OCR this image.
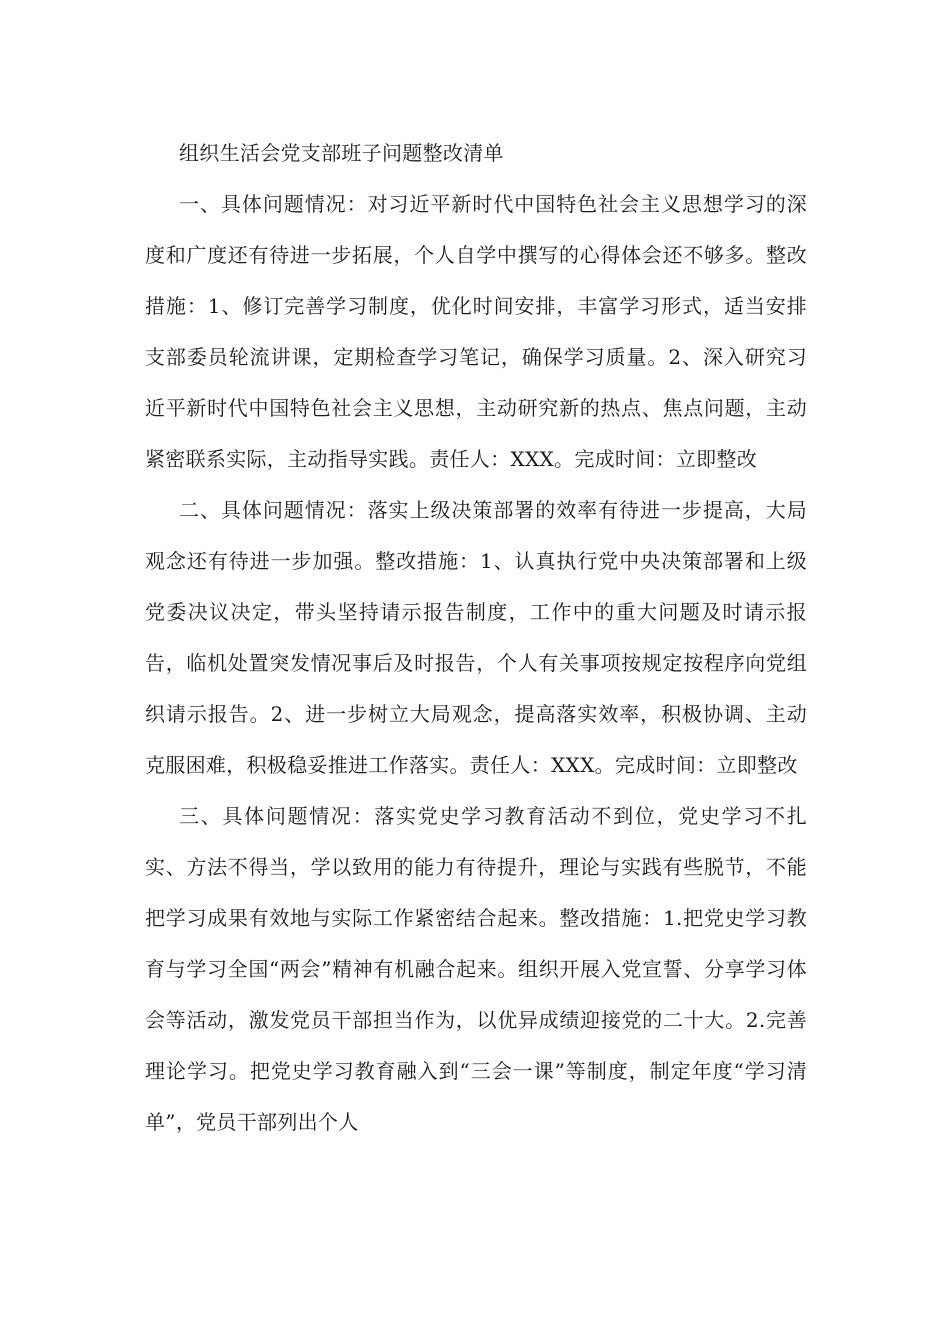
组织生活会党支部班子问题整改清单

一、具体问题情况：对习近平新时代中国特色社会主义思想学习的深度和广度还有待进一步拓展，个人自学中撰写的心得体会还不够多。整改措施：1、修订完善学习制度，优化时间安排，丰富学习形式，适当安排支部委员轮流讲课，定期检查学习笔记，确保学习质量。2、深入研究习近平新时代中国特色社会主义思想，主动研究新的热点、焦点问题，主动紧密联系实际，主动指导实践。责任人：XXX。完成时间：立即整改

二、具体问题情况：落实上级决策部署的效率有待进一步提高，大局观念还有待进一步加强。整改措施：1、认真执行党中央决策部署和上级党委决议决定，带头坚持请示报告制度，工作中的重大问题及时请示报告，临机处置突发情况事后及时报告，个人有关事项按规定按程序向党组织请示报告。2、进一步树立大局观念，提高落实效率，积极协调、主动克服困难，积极稳妥推进工作落实。责任人：XXX。完成时间：立即整改

三、具体问题情况：落实党史学习教育活动不到位，党史学习不扎实、方法不得当，学以致用的能力有待提升，理论与实践有些脱节，不能把学习成果有效地与实际工作紧密结合起来。整改措施：1.把党史学习教育与学习全国“两会”精神有机融合起来。组织开展入党宣誓、分享学习体会等活动，激发党员干部担当作为，以优异成绩迎接党的二十大。2.完善理论学习。把党史学习教育融入到“三会一课”等制度，制定年度“学习清单”，党员干部列出个人
